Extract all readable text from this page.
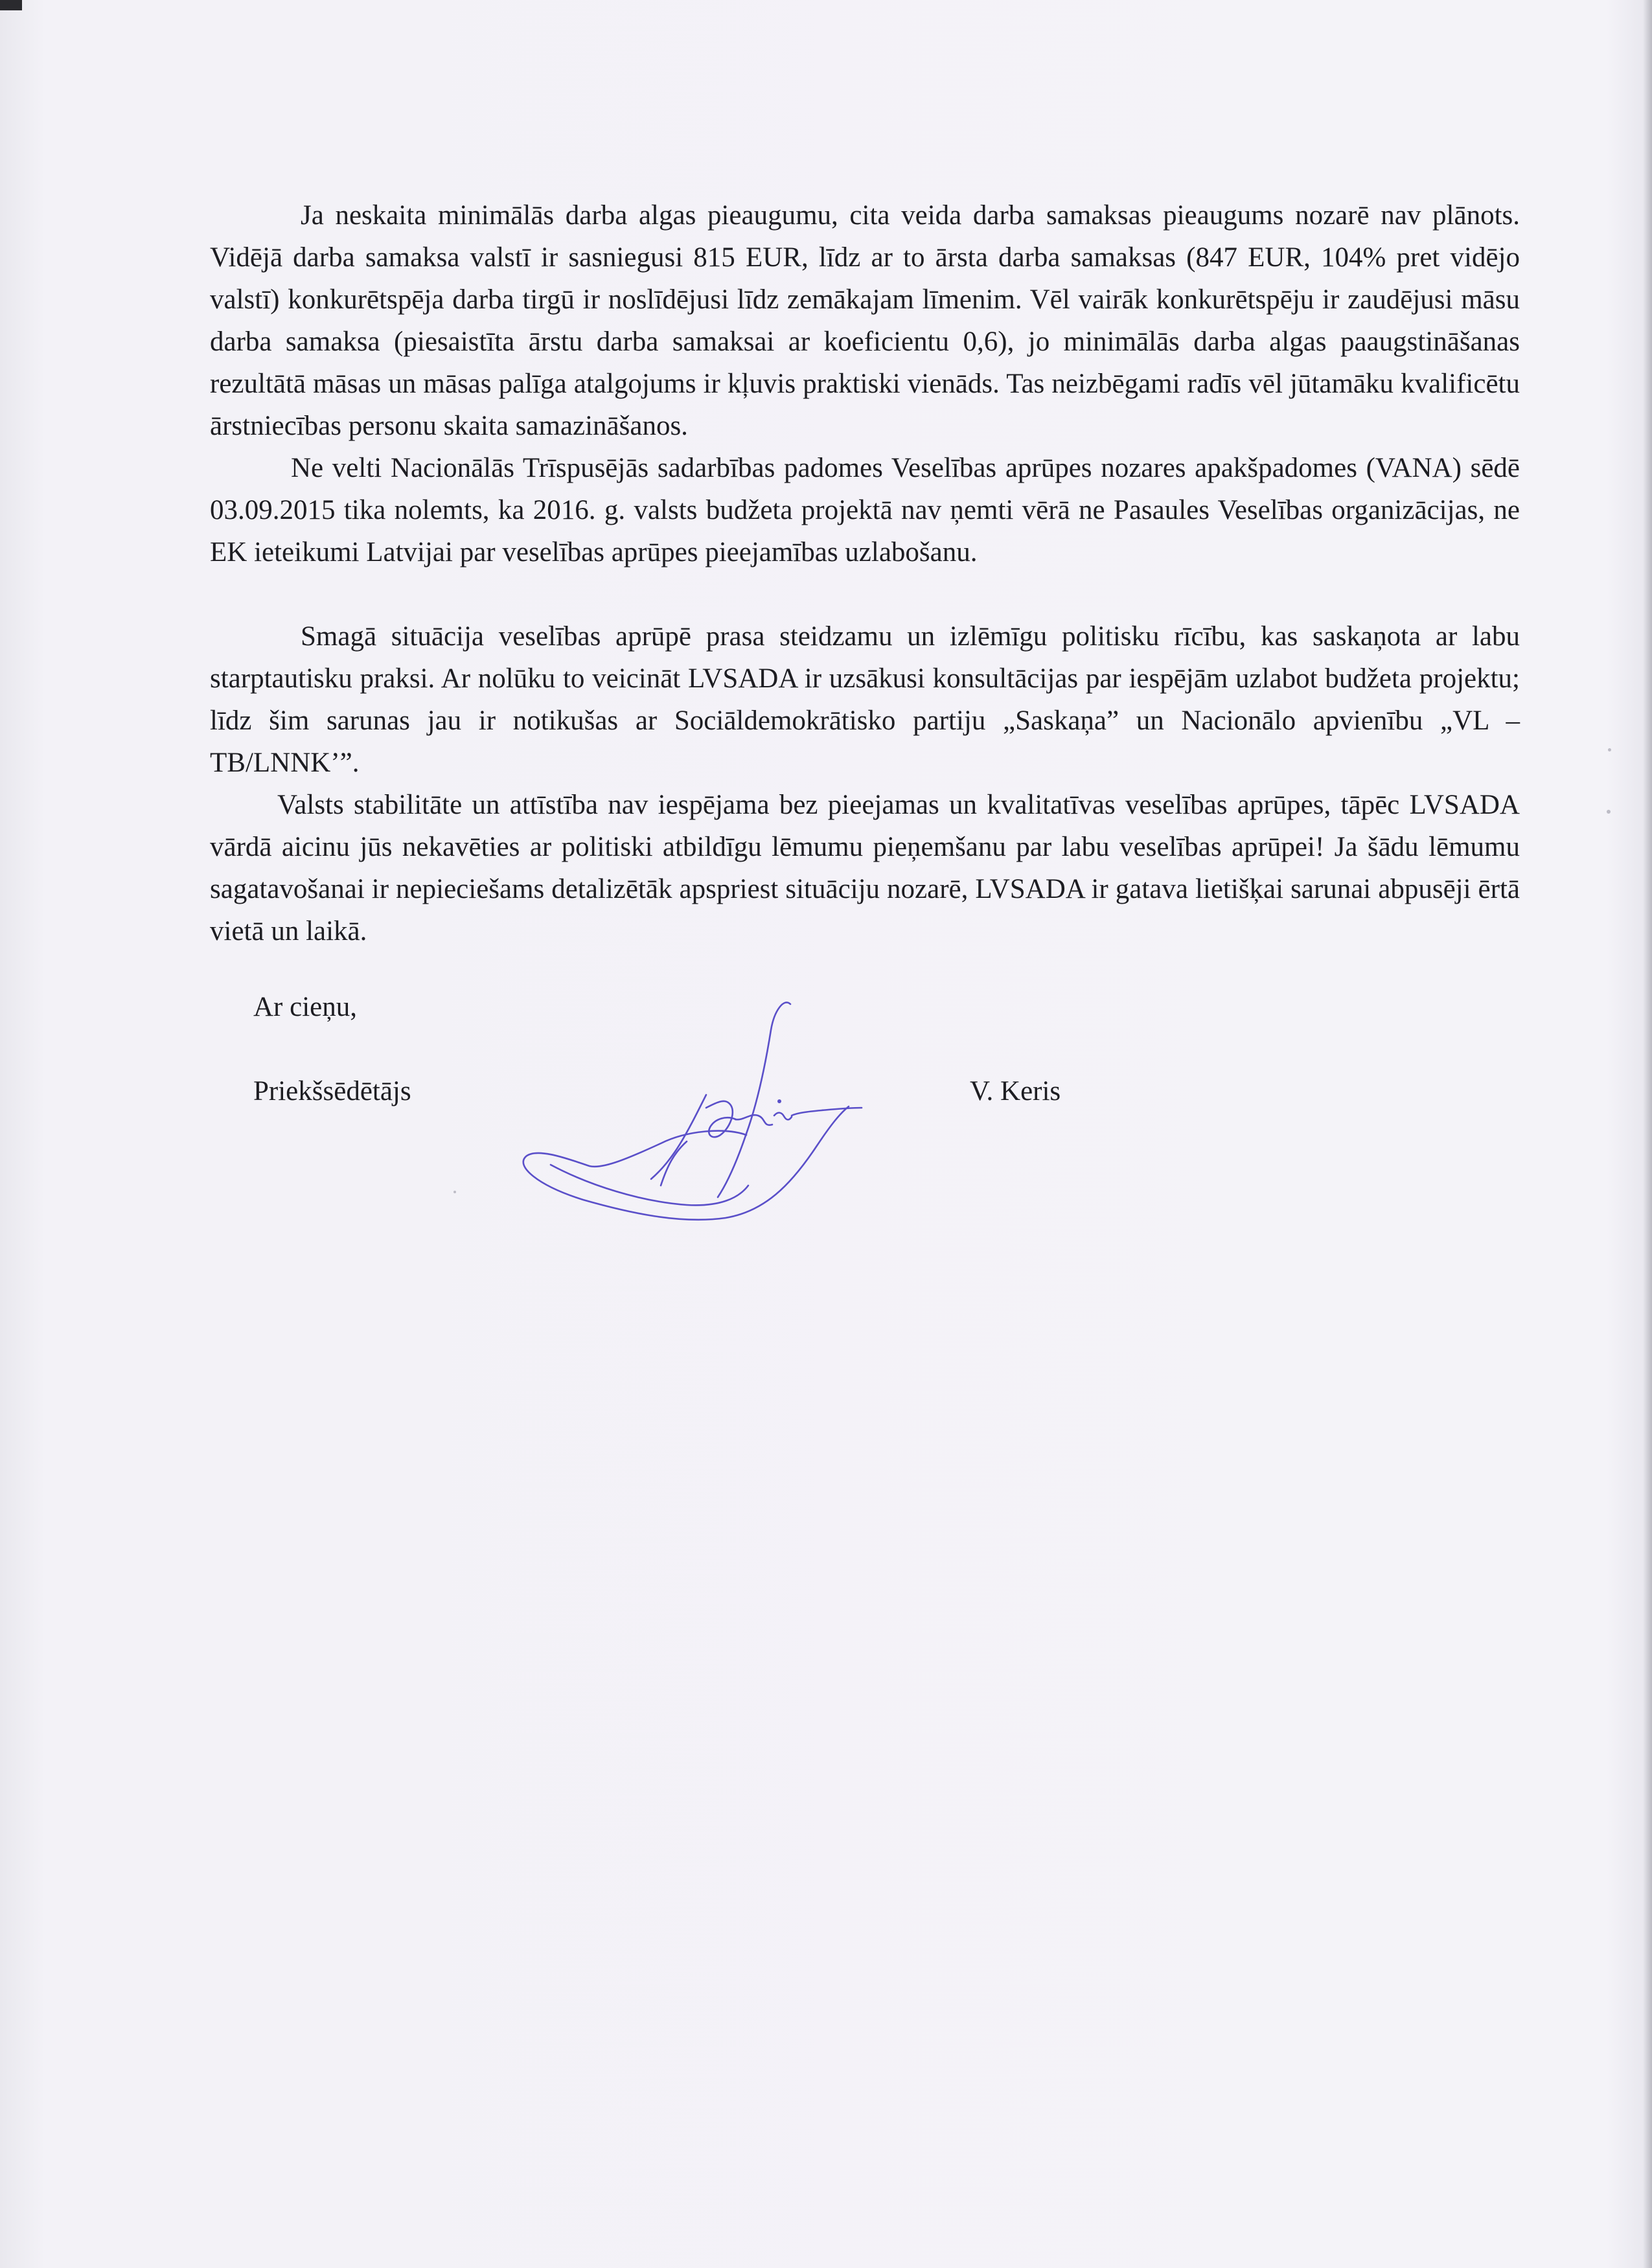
Ja neskaita minimālās darba algas pieaugumu, cita veida darba samaksas pieaugums nozarē nav plānots. Vidējā darba samaksa valstī ir sasniegusi 815 EUR, līdz ar to ārsta darba samaksas (847 EUR, 104% pret vidējo valstī) konkurētspēja darba tirgū ir noslīdējusi līdz zemākajam līmenim. Vēl vairāk konkurētspēju ir zaudējusi māsu darba samaksa (piesaistīta ārstu darba samaksai ar koeficientu 0,6), jo minimālās darba algas paaugstināšanas rezultātā māsas un māsas palīga atalgojums ir kļuvis praktiski vienāds. Tas neizbēgami radīs vēl jūtamāku kvalificētu ārstniecības personu skaita samazināšanos.

Ne velti Nacionālās Trīspusējās sadarbības padomes Veselības aprūpes nozares apakšpadomes (VANA) sēdē 03.09.2015 tika nolemts, ka 2016. g. valsts budžeta projektā nav ņemti vērā ne Pasaules Veselības organizācijas, ne EK ieteikumi Latvijai par veselības aprūpes pieejamības uzlabošanu.

Smagā situācija veselības aprūpē prasa steidzamu un izlēmīgu politisku rīcību, kas saskaņota ar labu starptautisku praksi. Ar nolūku to veicināt LVSADA ir uzsākusi konsultācijas par iespējām uzlabot budžeta projektu; līdz šim sarunas jau ir notikušas ar Sociāldemokrātisko partiju „Saskaņa” un Nacionālo apvienību „VL – TB/LNNK’”.

Valsts stabilitāte un attīstība nav iespējama bez pieejamas un kvalitatīvas veselības aprūpes, tāpēc LVSADA vārdā aicinu jūs nekavēties ar politiski atbildīgu lēmumu pieņemšanu par labu veselības aprūpei! Ja šādu lēmumu sagatavošanai ir nepieciešams detalizētāk apspriest situāciju nozarē, LVSADA ir gatava lietišķai sarunai abpusēji ērtā vietā un laikā.

Ar cieņu,

Priekšsēdētājs	V. Keris
